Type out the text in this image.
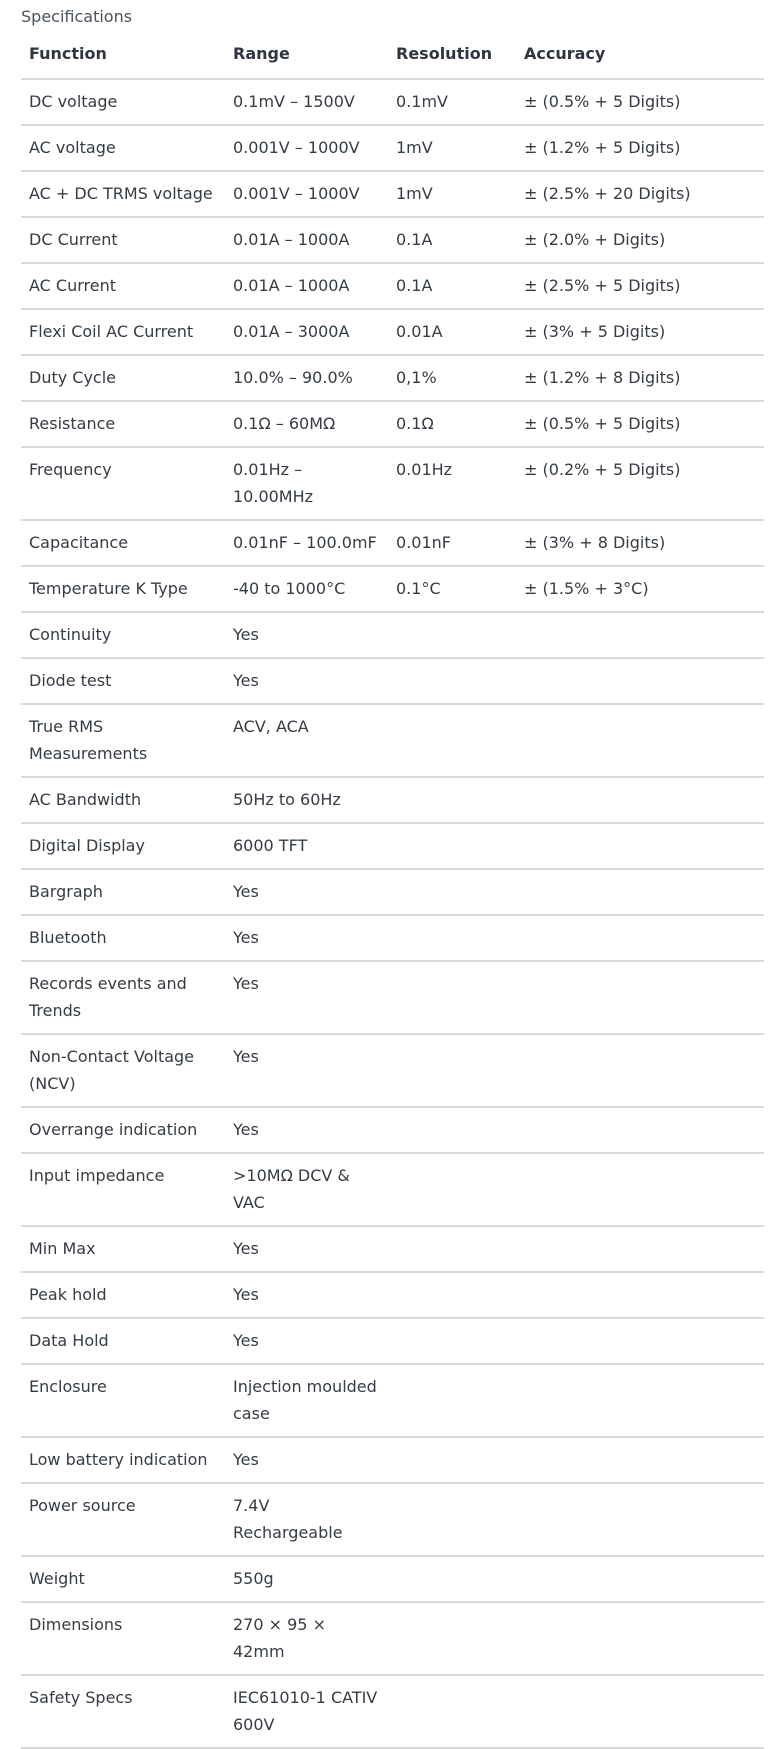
Specifications
Function	Range	Resolution	Accuracy
DC voltage	0.1mV – 1500V	0.1mV	± (0.5% + 5 Digits)
AC voltage	0.001V – 1000V	1mV	± (1.2% + 5 Digits)
AC + DC TRMS voltage	0.001V – 1000V	1mV	± (2.5% + 20 Digits)
DC Current	0.01A – 1000A	0.1A	± (2.0% + Digits)
AC Current	0.01A – 1000A	0.1A	± (2.5% + 5 Digits)
Flexi Coil AC Current	0.01A – 3000A	0.01A	± (3% + 5 Digits)
Duty Cycle	10.0% – 90.0%	0,1%	± (1.2% + 8 Digits)
Resistance	0.1Ω – 60MΩ	0.1Ω	± (0.5% + 5 Digits)
Frequency	0.01Hz – 10.00MHz	0.01Hz	± (0.2% + 5 Digits)
Capacitance	0.01nF – 100.0mF	0.01nF	± (3% + 8 Digits)
Temperature K Type	-40 to 1000°C	0.1°C	± (1.5% + 3°C)
Continuity	Yes		
Diode test	Yes		
True RMS Measurements	ACV, ACA		
AC Bandwidth	50Hz to 60Hz		
Digital Display	6000 TFT		
Bargraph	Yes		
Bluetooth	Yes		
Records events and Trends	Yes		
Non-Contact Voltage (NCV)	Yes		
Overrange indication	Yes		
Input impedance	>10MΩ DCV & VAC		
Min Max	Yes		
Peak hold	Yes		
Data Hold	Yes		
Enclosure	Injection moulded case		
Low battery indication	Yes		
Power source	7.4V Rechargeable		
Weight	550g		
Dimensions	270 × 95 × 42mm		
Safety Specs	IEC61010-1 CATIV 600V		
